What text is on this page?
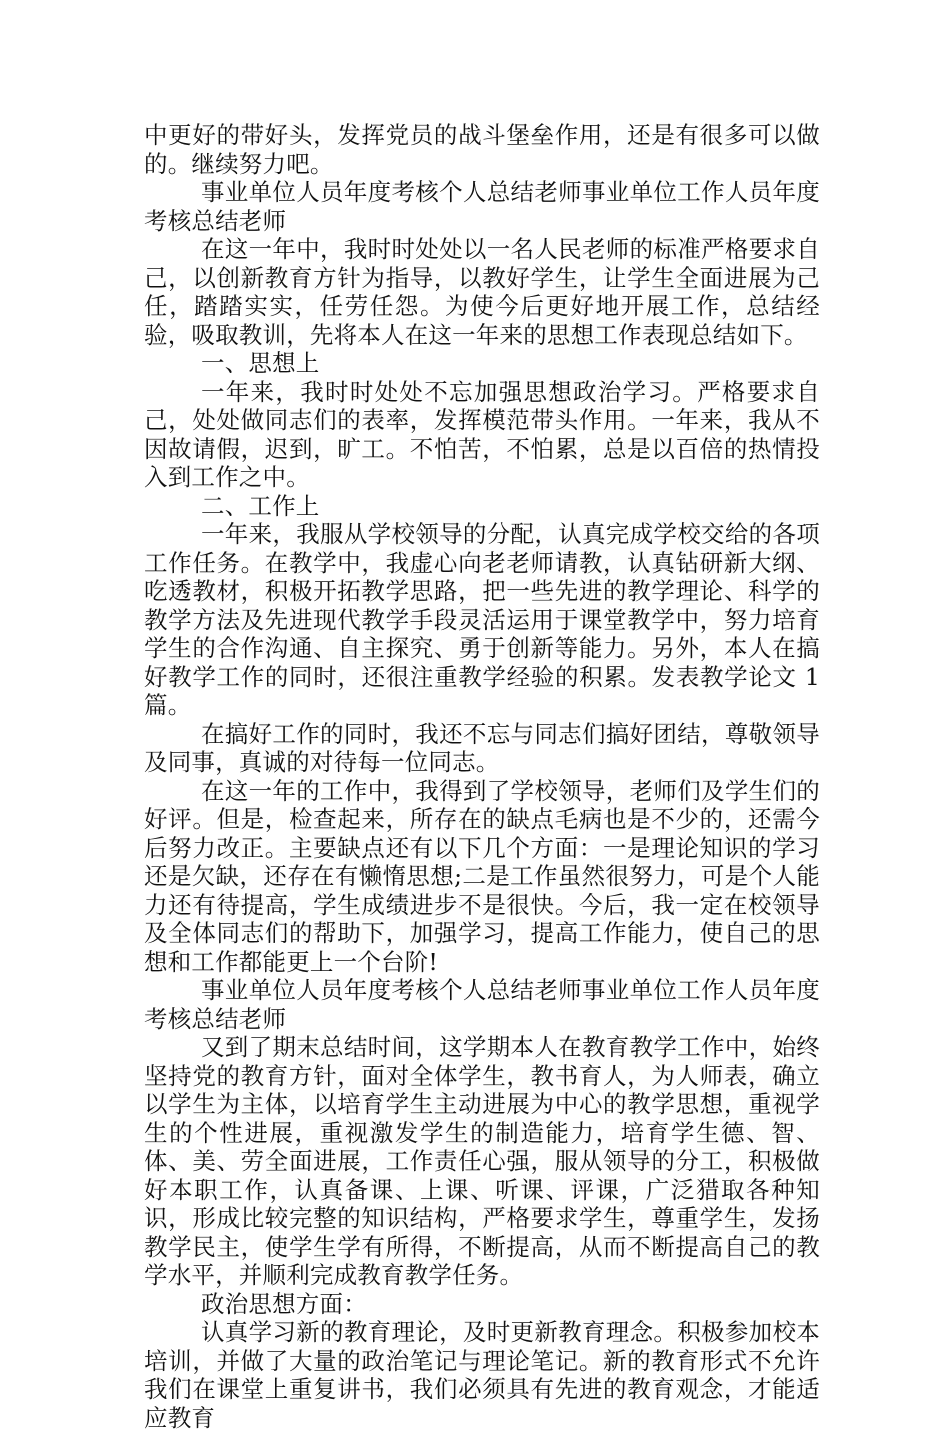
中更好的带好头，发挥党员的战斗堡垒作用，还是有很多可以做的。继续努力吧。

事业单位人员年度考核个人总结老师事业单位工作人员年度考核总结老师

在这一年中，我时时处处以一名人民老师的标准严格要求自己，以创新教育方针为指导，以教好学生，让学生全面进展为己任，踏踏实实，任劳任怨。为使今后更好地开展工作，总结经验，吸取教训，先将本人在这一年来的思想工作表现总结如下。

一、思想上

一年来，我时时处处不忘加强思想政治学习。严格要求自己，处处做同志们的表率，发挥模范带头作用。一年来，我从不因故请假，迟到，旷工。不怕苦，不怕累，总是以百倍的热情投入到工作之中。

二、工作上

一年来，我服从学校领导的分配，认真完成学校交给的各项工作任务。在教学中，我虚心向老老师请教，认真钻研新大纲、吃透教材，积极开拓教学思路，把一些先进的教学理论、科学的教学方法及先进现代教学手段灵活运用于课堂教学中，努力培育学生的合作沟通、自主探究、勇于创新等能力。另外，本人在搞好教学工作的同时，还很注重教学经验的积累。发表教学论文 1 篇。

在搞好工作的同时，我还不忘与同志们搞好团结，尊敬领导及同事，真诚的对待每一位同志。

在这一年的工作中，我得到了学校领导，老师们及学生们的好评。但是，检查起来，所存在的缺点毛病也是不少的，还需今后努力改正。主要缺点还有以下几个方面：一是理论知识的学习还是欠缺，还存在有懒惰思想;二是工作虽然很努力，可是个人能力还有待提高，学生成绩进步不是很快。今后，我一定在校领导及全体同志们的帮助下，加强学习，提高工作能力，使自己的思想和工作都能更上一个台阶!

事业单位人员年度考核个人总结老师事业单位工作人员年度考核总结老师

又到了期末总结时间，这学期本人在教育教学工作中，始终坚持党的教育方针，面对全体学生，教书育人，为人师表，确立以学生为主体，以培育学生主动进展为中心的教学思想，重视学生的个性进展，重视激发学生的制造能力，培育学生德、智、体、美、劳全面进展，工作责任心强，服从领导的分工，积极做好本职工作，认真备课、上课、听课、评课，广泛猎取各种知识，形成比较完整的知识结构，严格要求学生，尊重学生，发扬教学民主，使学生学有所得，不断提高，从而不断提高自己的教学水平，并顺利完成教育教学任务。

政治思想方面：

认真学习新的教育理论，及时更新教育理念。积极参加校本培训，并做了大量的政治笔记与理论笔记。新的教育形式不允许我们在课堂上重复讲书，我们必须具有先进的教育观念，才能适应教育
